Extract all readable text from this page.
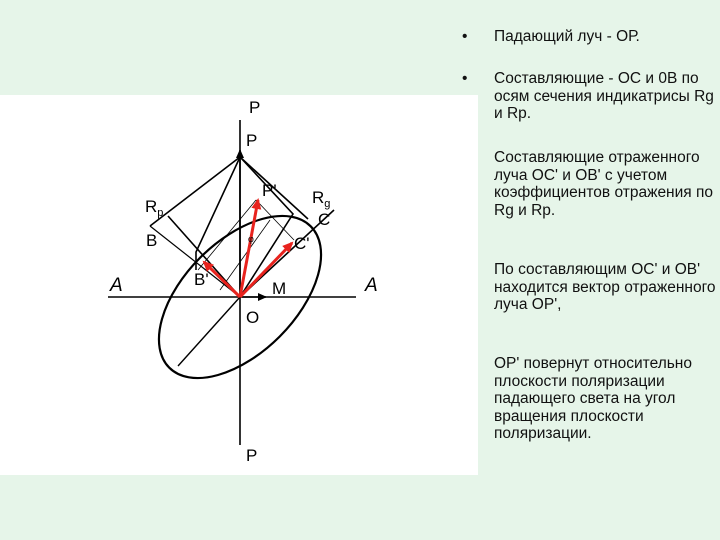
P
P
P'
$R_p$
$R_g$
B
C
C'
φ
B'
A	A
M
O
P
• Падающий луч - ОР.
• Составляющие - ОС и 0В по осям сечения индикатрисы Rg и Rp.
Составляющие отраженного луча ОС' и ОВ' с учетом коэффициентов отражения по Rg и Rp.
По составляющим ОС' и ОВ' находится вектор отраженного луча ОР',
ОР' повернут относительно плоскости поляризации падающего света на угол вращения плоскости поляризации.
